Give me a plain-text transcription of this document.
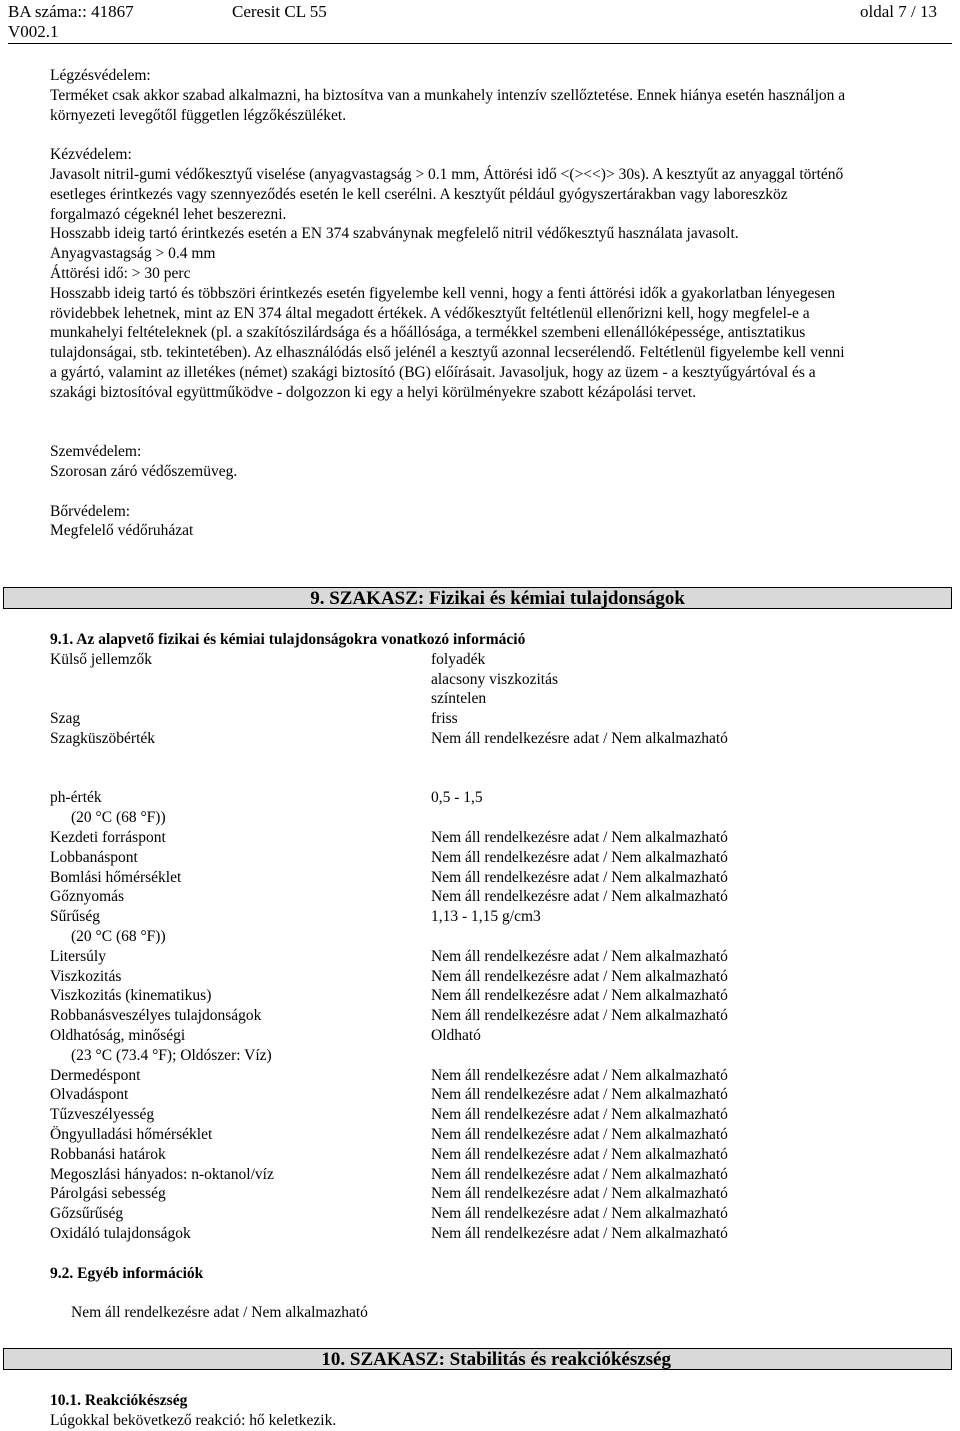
BA száma:: 41867	Ceresit CL 55	oldal 7 / 13
V002.1

Légzésvédelem:

Terméket csak akkor szabad alkalmazni, ha biztosítva van a munkahely intenzív szellőztetése. Ennek hiánya esetén használjon a

környezeti levegőtől független légzőkészüléket.

Kézvédelem:

Javasolt nitril-gumi védőkesztyű viselése (anyagvastagság > 0.1 mm, Áttörési idő <(><<)> 30s). A kesztyűt az anyaggal történő

esetleges érintkezés vagy szennyeződés esetén le kell cserélni. A kesztyűt például gyógyszertárakban vagy laboreszköz

forgalmazó cégeknél lehet beszerezni.

Hosszabb ideig tartó érintkezés esetén a EN 374 szabványnak megfelelő nitril védőkesztyű használata javasolt.

Anyagvastagság > 0.4 mm

Áttörési idő: > 30 perc

Hosszabb ideig tartó és többszöri érintkezés esetén figyelembe kell venni, hogy a fenti áttörési idők a gyakorlatban lényegesen

rövidebbek lehetnek, mint az EN 374 által megadott értékek. A védőkesztyűt feltétlenül ellenőrizni kell, hogy megfelel-e a

munkahelyi feltételeknek (pl. a szakítószilárdsága és a hőállósága, a termékkel szembeni ellenállóképessége, antisztatikus

tulajdonságai, stb. tekintetében). Az elhasználódás első jelénél a kesztyű azonnal lecserélendő. Feltétlenül figyelembe kell venni

a gyártó, valamint az illetékes (német) szakági biztosító (BG) előírásait. Javasoljuk, hogy az üzem - a kesztyűgyártóval és a

szakági biztosítóval együttműködve - dolgozzon ki egy a helyi körülményekre szabott kézápolási tervet.

Szemvédelem:

Szorosan záró védőszemüveg.

Bőrvédelem:

Megfelelő védőruházat

9. SZAKASZ: Fizikai és kémiai tulajdonságok

9.1. Az alapvető fizikai és kémiai tulajdonságokra vonatkozó információ

Külső jellemzők	folyadék
alacsony viszkozitás
színtelen
Szag	friss
Szagküszöbérték	Nem áll rendelkezésre adat / Nem alkalmazható
ph-érték	0,5 - 1,5
(20 °C (68 °F))
Kezdeti forráspont	Nem áll rendelkezésre adat / Nem alkalmazható
Lobbanáspont	Nem áll rendelkezésre adat / Nem alkalmazható
Bomlási hőmérséklet	Nem áll rendelkezésre adat / Nem alkalmazható
Gőznyomás	Nem áll rendelkezésre adat / Nem alkalmazható
Sűrűség	1,13 - 1,15 g/cm3
(20 °C (68 °F))
Litersúly	Nem áll rendelkezésre adat / Nem alkalmazható
Viszkozitás	Nem áll rendelkezésre adat / Nem alkalmazható
Viszkozitás (kinematikus)	Nem áll rendelkezésre adat / Nem alkalmazható
Robbanásveszélyes tulajdonságok	Nem áll rendelkezésre adat / Nem alkalmazható
Oldhatóság, minőségi	Oldható
(23 °C (73.4 °F); Oldószer: Víz)
Dermedéspont	Nem áll rendelkezésre adat / Nem alkalmazható
Olvadáspont	Nem áll rendelkezésre adat / Nem alkalmazható
Tűzveszélyesség	Nem áll rendelkezésre adat / Nem alkalmazható
Öngyulladási hőmérséklet	Nem áll rendelkezésre adat / Nem alkalmazható
Robbanási határok	Nem áll rendelkezésre adat / Nem alkalmazható
Megoszlási hányados: n-oktanol/víz	Nem áll rendelkezésre adat / Nem alkalmazható
Párolgási sebesség	Nem áll rendelkezésre adat / Nem alkalmazható
Gőzsűrűség	Nem áll rendelkezésre adat / Nem alkalmazható
Oxidáló tulajdonságok	Nem áll rendelkezésre adat / Nem alkalmazható

9.2. Egyéb információk

Nem áll rendelkezésre adat / Nem alkalmazható

10. SZAKASZ: Stabilitás és reakciókészség

10.1. Reakciókészség

Lúgokkal bekövetkező reakció: hő keletkezik.
